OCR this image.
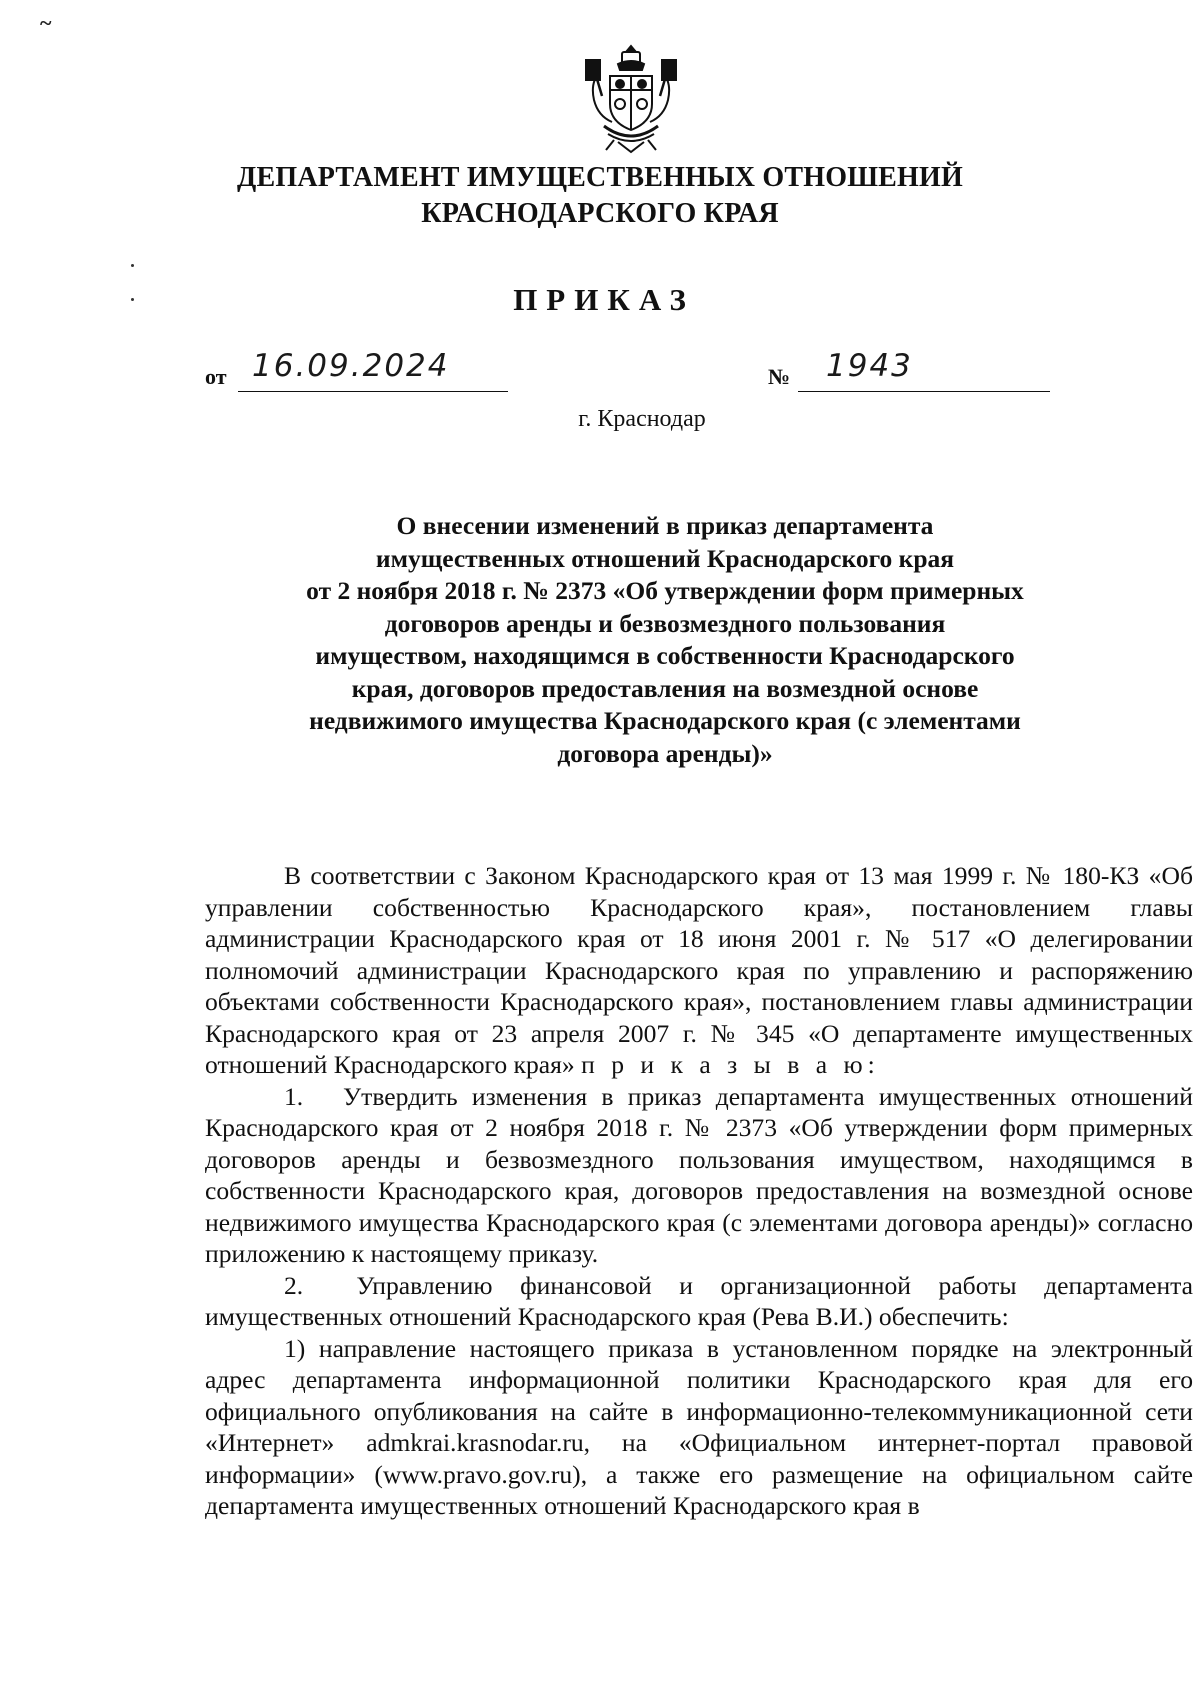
~
ДЕПАРТАМЕНТ ИМУЩЕСТВЕННЫХ ОТНОШЕНИЙ
КРАСНОДАРСКОГО КРАЯ
ПРИКАЗ
от 16.09.2024	№ 1943
г. Краснодар
О внесении изменений в приказ департамента
имущественных отношений Краснодарского края
от 2 ноября 2018 г. № 2373 «Об утверждении форм примерных
договоров аренды и безвозмездного пользования
имуществом, находящимся в собственности Краснодарского
края, договоров предоставления на возмездной основе
недвижимого имущества Краснодарского края (с элементами
договора аренды)»

В соответствии с Законом Краснодарского края от 13 мая 1999 г. № 180-КЗ «Об управлении собственностью Краснодарского края», постановлением главы администрации Краснодарского края от 18 июня 2001 г. № 517 «О делегировании полномочий администрации Краснодарского края по управлению и распоряжению объектами собственности Краснодарского края», постановлением главы администрации Краснодарского края от 23 апреля 2007 г. № 345 «О департаменте имущественных отношений Краснодарского края» п р и к а з ы в а ю:

1.  Утвердить изменения в приказ департамента имущественных отношений Краснодарского края от 2 ноября 2018 г. № 2373 «Об утверждении форм примерных договоров аренды и безвозмездного пользования имуществом, находящимся в собственности Краснодарского края, договоров предоставления на возмездной основе недвижимого имущества Краснодарского края (с элементами договора аренды)» согласно приложению к настоящему приказу.

2.  Управлению финансовой и организационной работы департамента имущественных отношений Краснодарского края (Рева В.И.) обеспечить:

1) направление настоящего приказа в установленном порядке на электронный адрес департамента информационной политики Краснодарского края для его официального опубликования на сайте в информационно-телекоммуникационной сети «Интернет» admkrai.krasnodar.ru, на «Официальном интернет-портал правовой информации» (www.pravo.gov.ru), а также его размещение на официальном сайте департамента имущественных отношений Краснодарского края в
